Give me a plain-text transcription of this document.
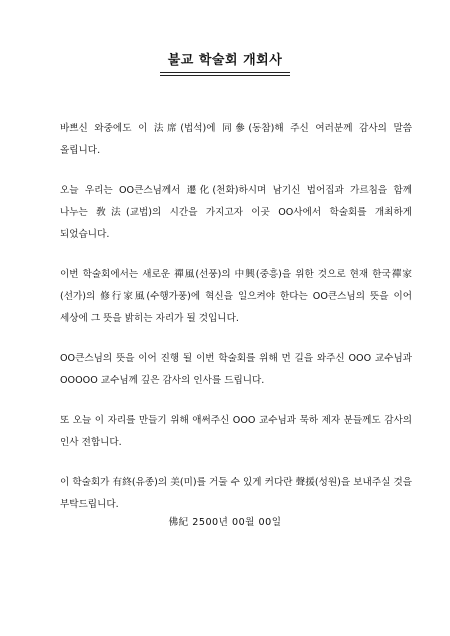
불교 학술회 개회사

바쁘신 와중에도 이 法席(법석)에 同參(동참)해 주신 여러분께 감사의 말씀 올립니다.

오늘 우리는 OO큰스님께서 遷化(천화)하시며 남기신 법어집과 가르침을 함께 나누는 敎法(교법)의 시간을 가지고자 이곳 OO사에서 학술회를 개최하게 되었습니다.

이번 학술회에서는 새로운 禪風(선풍)의 中興(중흥)을 위한 것으로 현재 한국禪家(선가)의 修行家風(수행가풍)에 혁신을 일으켜야 한다는 OO큰스님의 뜻을 이어 세상에 그 뜻을 밝히는 자리가 될 것입니다.

OO큰스님의 뜻을 이어 진행 될 이번 학술회를 위해 먼 길을 와주신 OOO 교수님과 OOOOO 교수님께 깊은 감사의 인사를 드립니다.

또 오늘 이 자리를 만들기 위해 애써주신 OOO 교수님과 묵하 제자 분들께도 감사의 인사 전합니다.

이 학술회가 有終(유종)의 美(미)를 거둘 수 있게 커다란 聲援(성원)을 보내주실 것을 부탁드립니다.

佛紀 2500년 00월 00일
